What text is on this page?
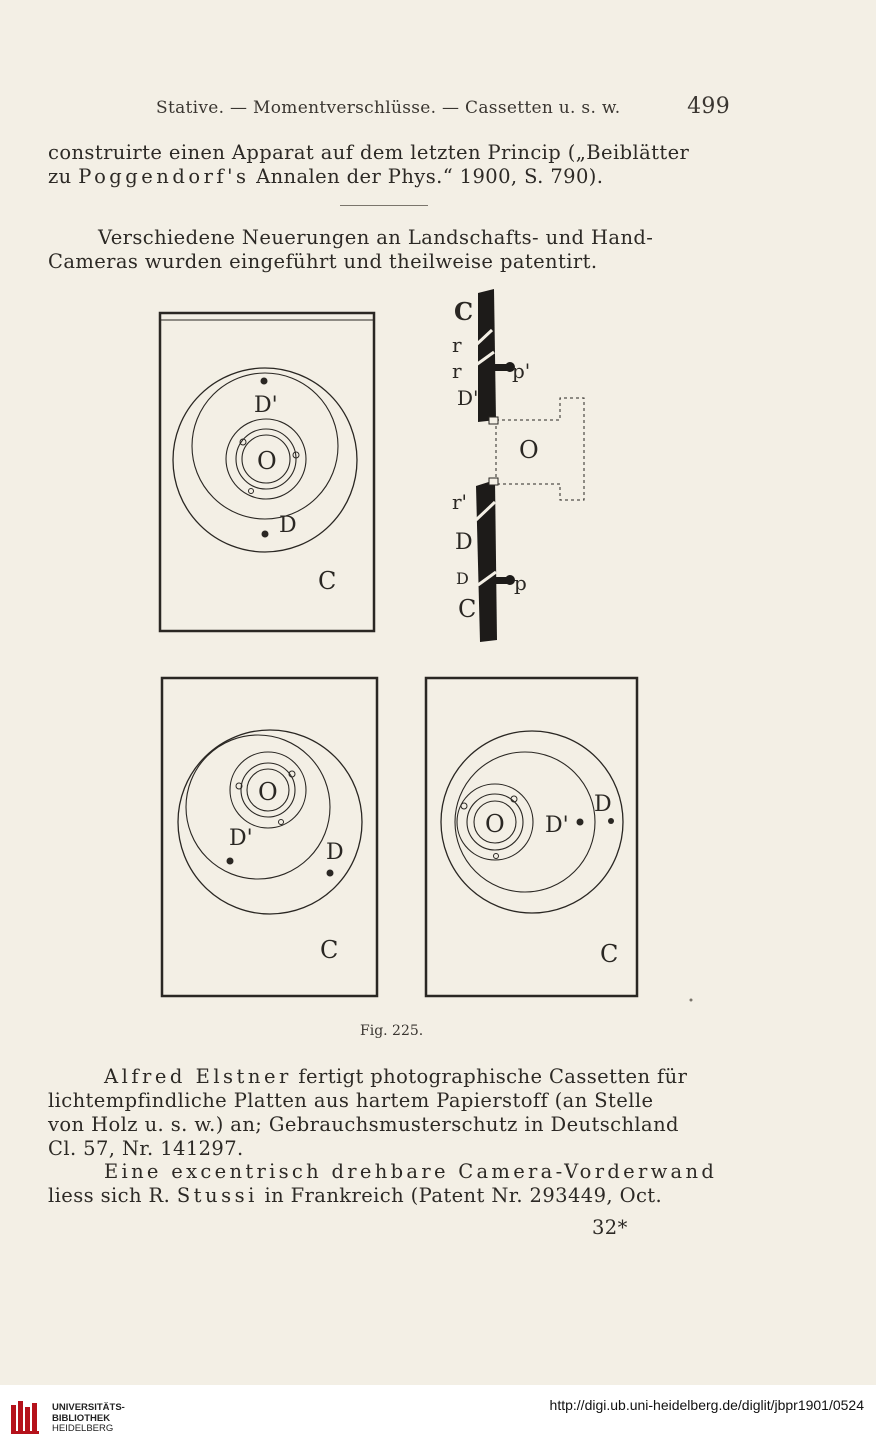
Stative. — Momentverschlüsse. — Cassetten u. s. w.	499
construirte einen Apparat auf dem letzten Princip („Beiblätter
zu Poggendorf's Annalen der Phys.“ 1900, S. 790).
Verschiedene Neuerungen an Landschafts- und Hand-
Cameras wurden eingeführt und theilweise patentirt.
D'
O
D
C
C
r
r	p'
D'
O
r'
D
D p
C
O
D'
D
C
O D'
D
C
Fig. 225.
Alfred Elstner fertigt photographische Cassetten für
lichtempfindliche Platten aus hartem Papierstoff (an Stelle
von Holz u. s. w.) an; Gebrauchsmusterschutz in Deutschland
Cl. 57, Nr. 141297.
Eine excentrisch drehbare Camera-Vorderwand
liess sich R. Stussi in Frankreich (Patent Nr. 293449, Oct.
32*
UNIVERSITÄTS-
BIBLIOTHEK
HEIDELBERG
http://digi.ub.uni-heidelberg.de/diglit/jbpr1901/0524
